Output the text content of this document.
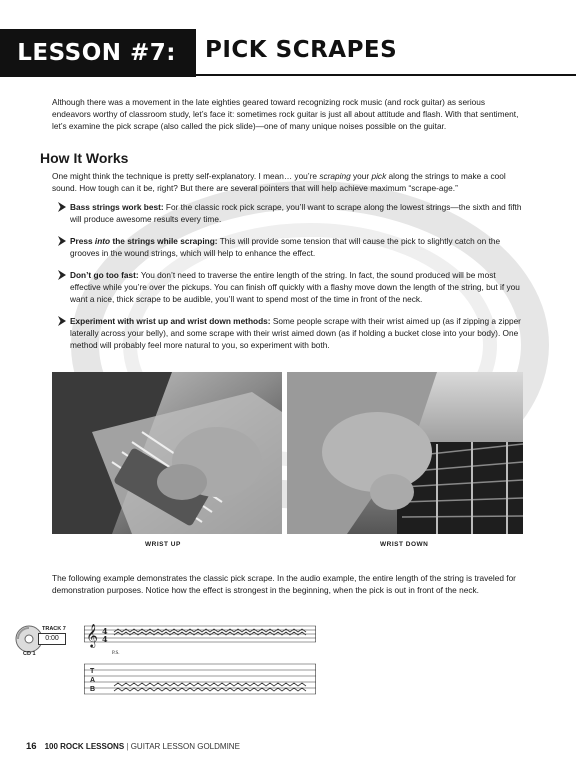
LESSON #7: PICK SCRAPES
Although there was a movement in the late eighties geared toward recognizing rock music (and rock guitar) as serious endeavors worthy of classroom study, let’s face it: sometimes rock guitar is just all about attitude and flash. With that sentiment, let’s examine the pick scrape (also called the pick slide)—one of many unique noises possible on the guitar.
How It Works
One might think the technique is pretty self-explanatory. I mean… you’re scraping your pick along the strings to make a cool sound. How tough can it be, right? But there are several pointers that will help achieve maximum “scrape-age.”
Bass strings work best: For the classic rock pick scrape, you’ll want to scrape along the lowest strings—the sixth and fifth will produce awesome results every time.
Press into the strings while scraping: This will provide some tension that will cause the pick to slightly catch on the grooves in the wound strings, which will help to enhance the effect.
Don’t go too fast: You don’t need to traverse the entire length of the string. In fact, the sound produced will be most effective while you’re over the pickups. You can finish off quickly with a flashy move down the length of the string, but if you want a nice, thick scrape to be audible, you’ll want to spend most of the time in front of the neck.
Experiment with wrist up and wrist down methods: Some people scrape with their wrist aimed up (as if zipping a zipper laterally across your belly), and some scrape with their wrist aimed down (as if holding a bucket close into your body). One method will probably feel more natural to you, so experiment with both.
WRIST UP	WRIST DOWN
The following example demonstrates the classic pick scrape. In the audio example, the entire length of the string is traveled for demonstration purposes. Notice how the effect is strongest in the beginning, when the pick is out in front of the neck.
TRACK 7
0:00
CD 1
𝄞 4
4
T
A
B
P.S.
16 100 ROCK LESSONS | GUITAR LESSON GOLDMINE
